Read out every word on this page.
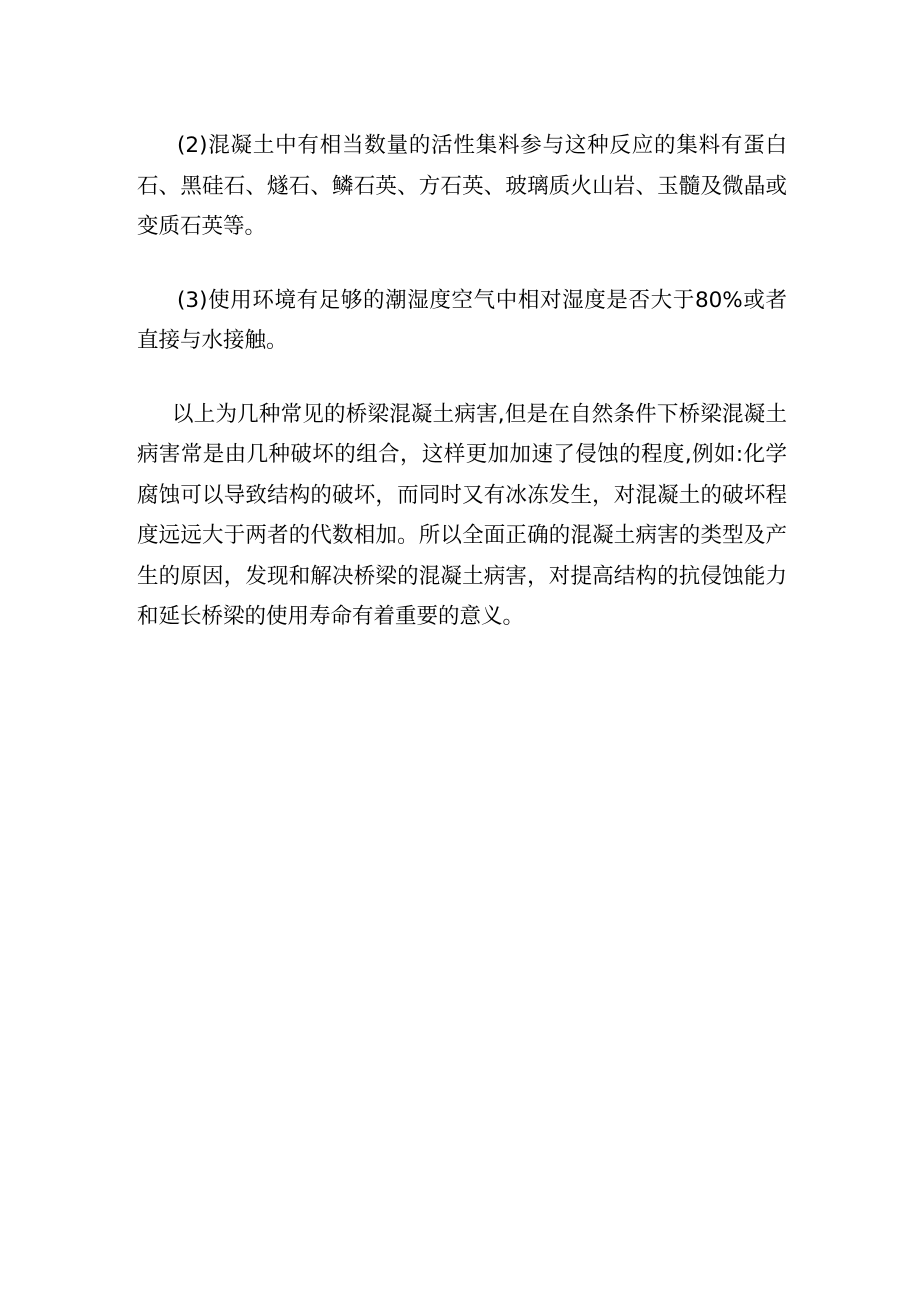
(2)混凝土中有相当数量的活性集料参与这种反应的集料有蛋白石、黑硅石、燧石、鳞石英、方石英、玻璃质火山岩、玉髓及微晶或变质石英等。

(3)使用环境有足够的潮湿度空气中相对湿度是否大于80%或者直接与水接触。

以上为几种常见的桥梁混凝土病害,但是在自然条件下桥梁混凝土病害常是由几种破坏的组合，这样更加加速了侵蚀的程度,例如:化学腐蚀可以导致结构的破坏，而同时又有冰冻发生，对混凝土的破坏程度远远大于两者的代数相加。所以全面正确的混凝土病害的类型及产生的原因，发现和解决桥梁的混凝土病害，对提高结构的抗侵蚀能力和延长桥梁的使用寿命有着重要的意义。
